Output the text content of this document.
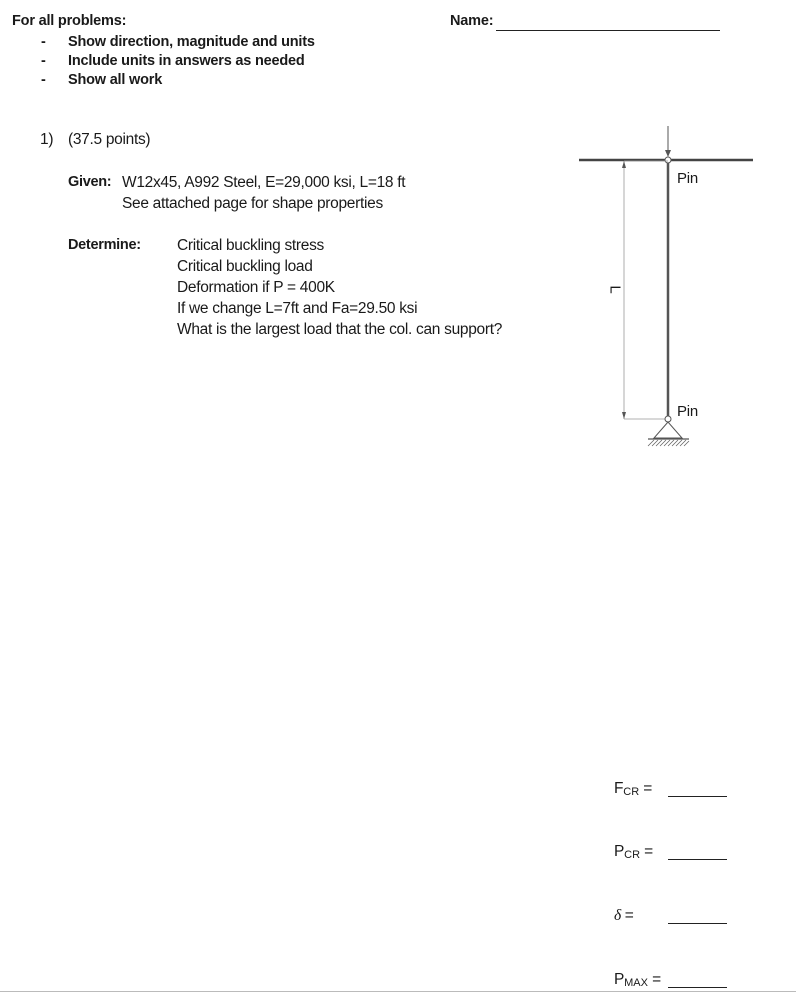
For all problems:	Name:
- Show direction, magnitude and units
- Include units in answers as needed
- Show all work
1) (37.5 points)
Given: W12x45, A992 Steel, E=29,000 ksi, L=18 ft
See attached page for shape properties
Determine: Critical buckling stress
Critical buckling load
Deformation if P = 400K
If we change L=7ft and Fa=29.50 ksi
What is the largest load that the col. can support?
Pin
Pin
L
$F_{CR}$ =
$P_{CR}$ =
δ =
$P_{MAX}$ =
